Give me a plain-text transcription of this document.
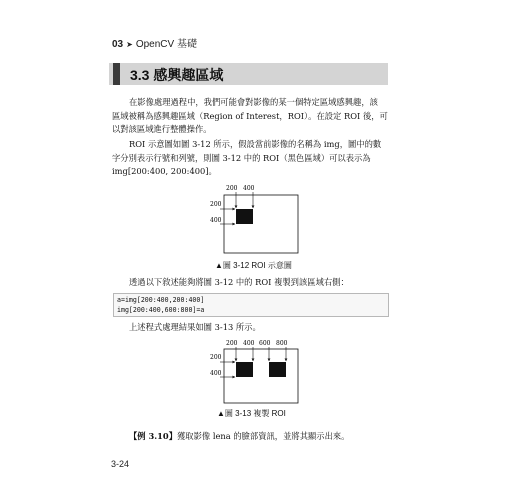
03 ➤ OpenCV 基礎
3.3 感興趣區域
在影像處理過程中，我們可能會對影像的某一個特定區域感興趣，該
區域被稱為感興趣區域（Region of Interest，ROI）。在設定 ROI 後，可
以對該區域進行整體操作。
ROI 示意圖如圖 3-12 所示，假設當前影像的名稱為 img，圖中的數
字分別表示行號和列號，則圖 3-12 中的 ROI（黑色區域）可以表示為
img[200:400, 200:400]。
200 400
200
400
▲圖 3-12 ROI 示意圖
透過以下敘述能夠將圖 3-12 中的 ROI 複製到該區域右側：
a=img[200:400,200:400]
img[200:400,600:800]=a
上述程式處理結果如圖 3-13 所示。
200 400 600 800
200
400
▲圖 3-13 複製 ROI
【例 3.10】獲取影像 lena 的臉部資訊，並將其顯示出來。
3-24
